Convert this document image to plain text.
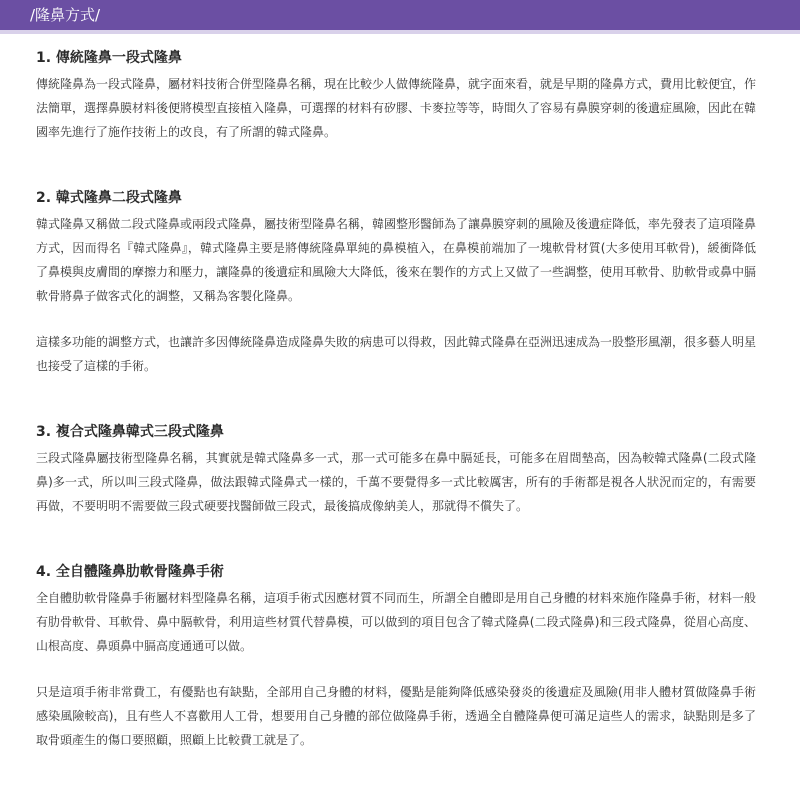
/隆鼻方式/
1. 傳統隆鼻一段式隆鼻

傳統隆鼻為一段式隆鼻，屬材料技術合併型隆鼻名稱，現在比較少人做傳統隆鼻，就字面來看，就是早期的隆鼻方式，費用比較便宜，作法簡單，選擇鼻膜材料後便將模型直接植入隆鼻，可選擇的材料有矽膠、卡麥拉等等，時間久了容易有鼻膜穿刺的後遺症風險，因此在韓國率先進行了施作技術上的改良，有了所謂的韓式隆鼻。

2. 韓式隆鼻二段式隆鼻

韓式隆鼻又稱做二段式隆鼻或兩段式隆鼻，屬技術型隆鼻名稱，韓國整形醫師為了讓鼻膜穿刺的風險及後遺症降低，率先發表了這項隆鼻方式，因而得名『韓式隆鼻』，韓式隆鼻主要是將傳統隆鼻單純的鼻模植入，在鼻模前端加了一塊軟骨材質(大多使用耳軟骨)，緩衝降低了鼻模與皮膚間的摩擦力和壓力，讓隆鼻的後遺症和風險大大降低，後來在製作的方式上又做了一些調整，使用耳軟骨、肋軟骨或鼻中膈軟骨將鼻子做客式化的調整，又稱為客製化隆鼻。

這樣多功能的調整方式，也讓許多因傳統隆鼻造成隆鼻失敗的病患可以得救，因此韓式隆鼻在亞洲迅速成為一股整形風潮，很多藝人明星也接受了這樣的手術。

3. 複合式隆鼻韓式三段式隆鼻

三段式隆鼻屬技術型隆鼻名稱，其實就是韓式隆鼻多一式，那一式可能多在鼻中膈延長，可能多在眉間墊高，因為較韓式隆鼻(二段式隆鼻)多一式，所以叫三段式隆鼻，做法跟韓式隆鼻式一樣的，千萬不要覺得多一式比較厲害，所有的手術都是視各人狀況而定的，有需要再做，不要明明不需要做三段式硬要找醫師做三段式，最後搞成像納美人，那就得不償失了。

4. 全自體隆鼻肋軟骨隆鼻手術

全自體肋軟骨隆鼻手術屬材料型隆鼻名稱，這項手術式因應材質不同而生，所謂全自體即是用自己身體的材料來施作隆鼻手術，材料一般有肋骨軟骨、耳軟骨、鼻中膈軟骨，利用這些材質代替鼻模，可以做到的項目包含了韓式隆鼻(二段式隆鼻)和三段式隆鼻，從眉心高度、山根高度、鼻頭鼻中膈高度通通可以做。

只是這項手術非常費工，有優點也有缺點，全部用自己身體的材料，優點是能夠降低感染發炎的後遺症及風險(用非人體材質做隆鼻手術感染風險較高)，且有些人不喜歡用人工骨，想要用自己身體的部位做隆鼻手術，透過全自體隆鼻便可滿足這些人的需求，缺點則是多了取骨頭產生的傷口要照顧，照顧上比較費工就是了。
